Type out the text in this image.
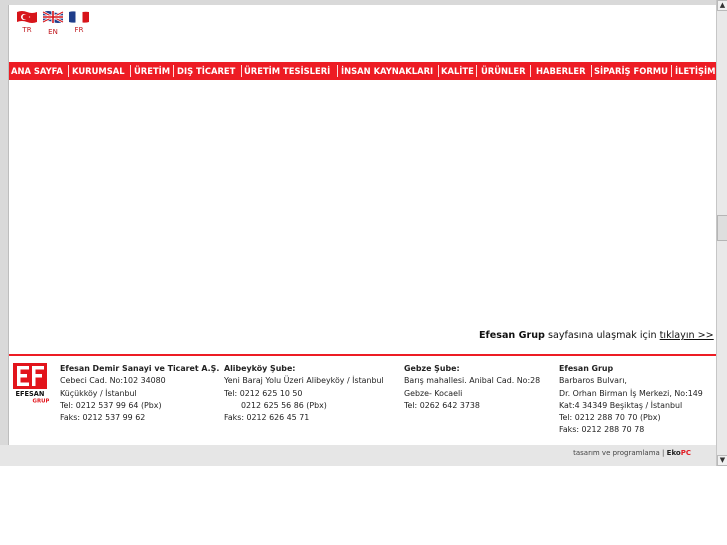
TR	EN	FR
ANA SAYFA KURUMSAL ÜRETİM DIŞ TİCARET ÜRETİM TESİSLERİ İNSAN KAYNAKLARI KALİTE ÜRÜNLER HABERLER SİPARİŞ FORMU İLETİŞİM
Efesan Grup sayfasına ulaşmak için tıklayın >>
EFESAN
GRUP
Efesan Demir Sanayi ve Ticaret A.Ş.
Cebeci Cad. No:102 34080
Küçükköy / İstanbul
Tel: 0212 537 99 64 (Pbx)
Faks: 0212 537 99 62
Alibeyköy Şube:
Yeni Baraj Yolu Üzeri Alibeyköy / İstanbul
Tel: 0212 625 10 50
0212 625 56 86 (Pbx)
Faks: 0212 626 45 71
Gebze Şube:
Barış mahallesi. Anibal Cad. No:28
Gebze- Kocaeli
Tel: 0262 642 3738
Efesan Grup
Barbaros Bulvarı,
Dr. Orhan Birman İş Merkezi, No:149
Kat:4 34349 Beşiktaş / İstanbul
Tel: 0212 288 70 70 (Pbx)
Faks: 0212 288 70 78
tasarım ve programlama | EkoPC
▲
▼
